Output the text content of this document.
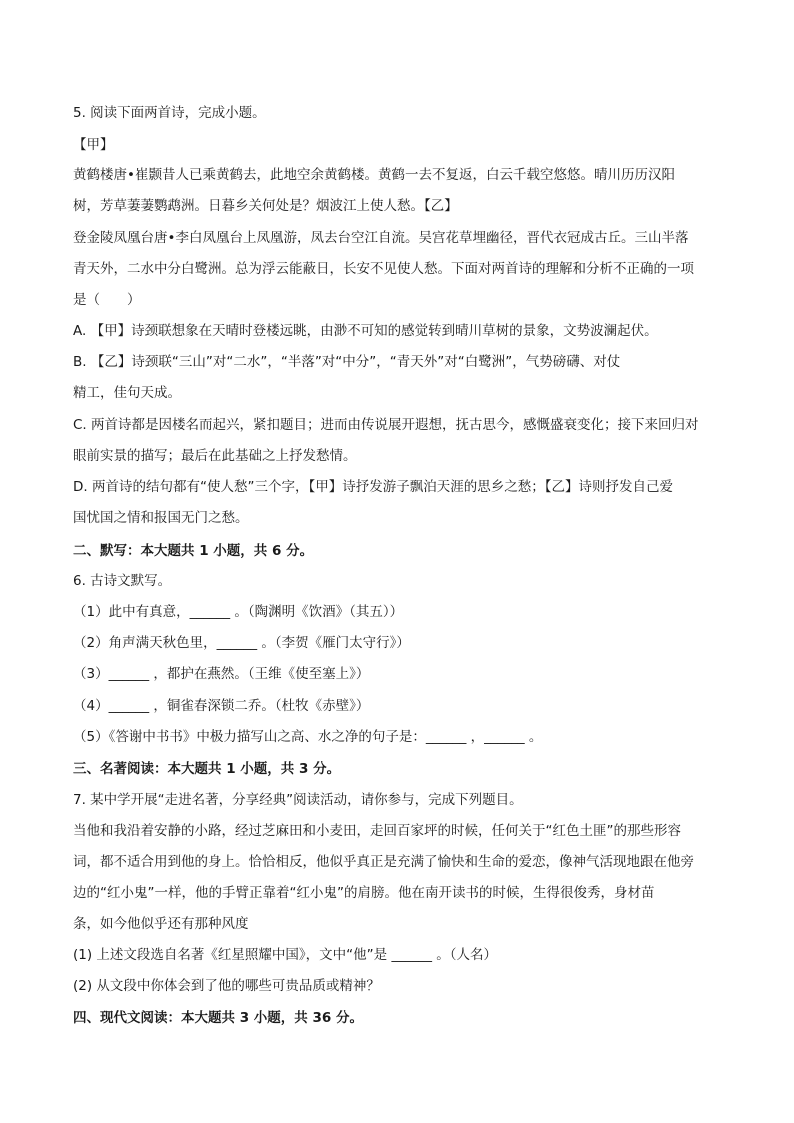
5. 阅读下面两首诗，完成小题。
【甲】
黄鹤楼唐•崔颢昔人已乘黄鹤去，此地空余黄鹤楼。黄鹤一去不复返，白云千载空悠悠。晴川历历汉阳
树，芳草萋萋鹦鹉洲。日暮乡关何处是？烟波江上使人愁。【乙】
登金陵凤凰台唐•李白凤凰台上凤凰游，凤去台空江自流。吴宫花草埋幽径，晋代衣冠成古丘。三山半落
青天外，二水中分白鹭洲。总为浮云能蔽日，长安不见使人愁。下面对两首诗的理解和分析不正确的一项
是（　　）
A. 【甲】诗颈联想象在天晴时登楼远眺，由渺不可知的感觉转到晴川草树的景象，文势波澜起伏。
B. 【乙】诗颈联“三山”对“二水”，“半落”对“中分”，“青天外”对“白鹭洲”，气势磅礴、对仗
精工，佳句天成。
C. 两首诗都是因楼名而起兴，紧扣题目；进而由传说展开遐想，抚古思今，感慨盛衰变化；接下来回归对
眼前实景的描写；最后在此基础之上抒发愁情。
D. 两首诗的结句都有“使人愁”三个字，【甲】诗抒发游子飘泊天涯的思乡之愁；【乙】诗则抒发自己爱
国忧国之情和报国无门之愁。
二、默写：本大题共 1 小题，共 6 分。
6. 古诗文默写。
（1）此中有真意，______ 。（陶渊明《饮酒》（其五））
（2）角声满天秋色里，______ 。（李贺《雁门太守行》）
（3）______ ，都护在燕然。（王维《使至塞上》）
（4）______ ，铜雀春深锁二乔。（杜牧《赤壁》）
（5）《答谢中书书》中极力描写山之高、水之净的句子是：______ ，______ 。
三、名著阅读：本大题共 1 小题，共 3 分。
7. 某中学开展“走进名著，分享经典”阅读活动，请你参与，完成下列题目。
当他和我沿着安静的小路，经过芝麻田和小麦田，走回百家坪的时候，任何关于“红色土匪”的那些形容
词，都不适合用到他的身上。恰恰相反，他似乎真正是充满了愉快和生命的爱恋，像神气活现地跟在他旁
边的“红小鬼”一样，他的手臂正靠着“红小鬼”的肩膀。他在南开读书的时候，生得很俊秀，身材苗
条，如今他似乎还有那种风度
(1) 上述文段选自名著《红星照耀中国》，文中“他”是 ______ 。（人名）
(2) 从文段中你体会到了他的哪些可贵品质或精神？
四、现代文阅读：本大题共 3 小题，共 36 分。
